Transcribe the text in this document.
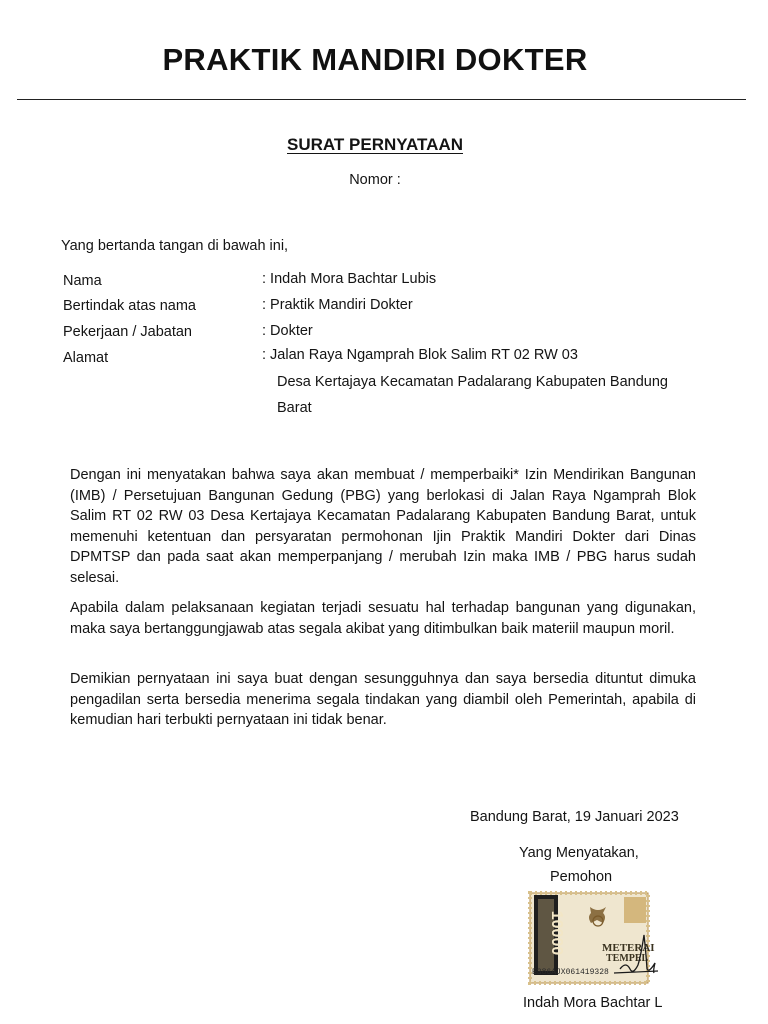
PRAKTIK MANDIRI DOKTER
SURAT PERNYATAAN
Nomor :
Yang bertanda tangan di bawah ini,
Nama	: Indah Mora Bachtar Lubis
Bertindak atas nama	: Praktik Mandiri Dokter
Pekerjaan / Jabatan	: Dokter
Alamat	: Jalan Raya Ngamprah Blok Salim RT 02 RW 03
Desa Kertajaya Kecamatan Padalarang Kabupaten Bandung
Barat
Dengan ini menyatakan bahwa saya akan membuat / memperbaiki* Izin Mendirikan Bangunan (IMB) / Persetujuan Bangunan Gedung (PBG) yang berlokasi di Jalan Raya Ngamprah Blok Salim RT 02 RW 03 Desa Kertajaya Kecamatan Padalarang Kabupaten Bandung Barat, untuk memenuhi ketentuan dan persyaratan permohonan Ijin Praktik Mandiri Dokter dari Dinas DPMTSP dan pada saat akan memperpanjang / merubah Izin maka IMB / PBG harus sudah selesai.
Apabila dalam pelaksanaan kegiatan terjadi sesuatu hal terhadap bangunan yang digunakan, maka saya bertanggungjawab atas segala akibat yang ditimbulkan baik materiil maupun moril.
Demikian pernyataan ini saya buat dengan sesungguhnya dan saya bersedia dituntut dimuka pengadilan serta bersedia menerima segala tindakan yang diambil oleh Pemerintah, apabila di kemudian hari terbukti pernyataan ini tidak benar.
Bandung Barat, 19 Januari 2023
Yang Menyatakan,
Pemohon
10000	METERAI
TEMPEL
E386AJX061419328
Indah Mora Bachtar L
